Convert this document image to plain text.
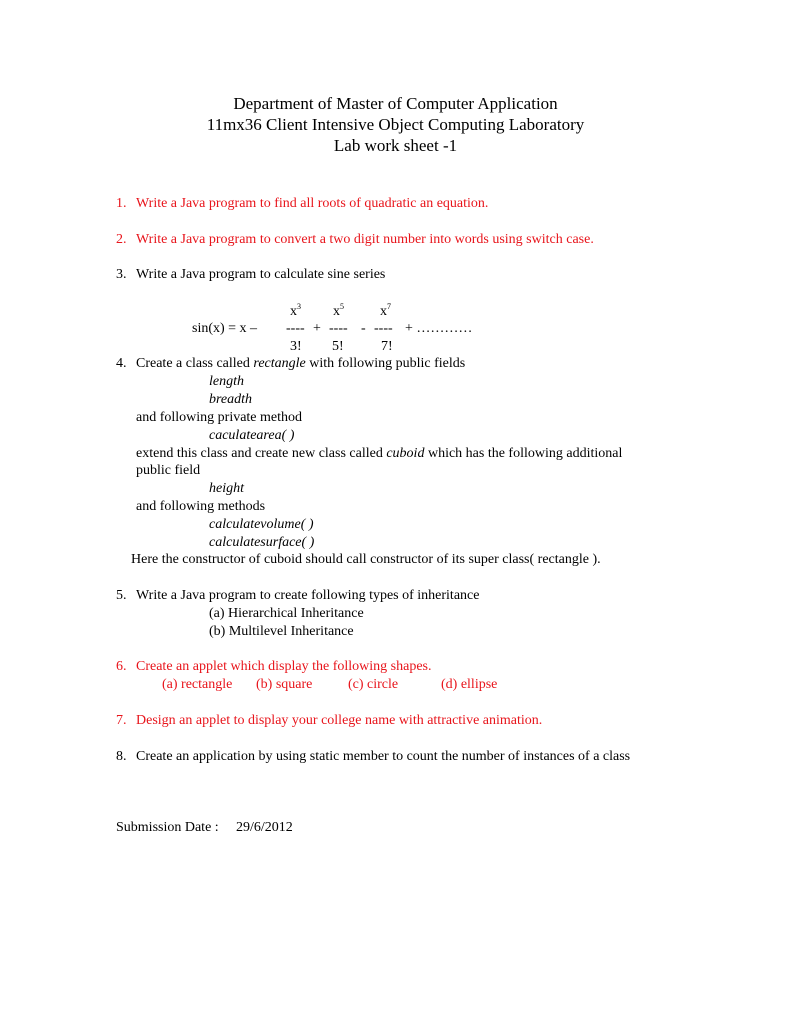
Department of Master of Computer Application
11mx36 Client Intensive Object Computing Laboratory
Lab work sheet -1
1. Write a Java program to find all roots of quadratic an equation.
2. Write a Java program to convert a two digit number into words using switch case.
3. Write a Java program to calculate sine series
$x^3$ $x^5$	$x^7$
sin(x) = x – ---- + ---- - ---- + …………
3! 5!	7!
4. Create a class called rectangle with following public fields
length
breadth
and following private method
caculatearea( )
extend this class and create new class called cuboid which has the following additional
public field
height
and following methods
calculatevolume( )
calculatesurface( )
Here the constructor of cuboid should call constructor of its super class( rectangle ).
5. Write a Java program to create following types of inheritance
(a) Hierarchical Inheritance
(b) Multilevel Inheritance
6. Create an applet which display the following shapes.
(a) rectangle (b) square	(c) circle	(d) ellipse
7. Design an applet to display your college name with attractive animation.
8. Create an application by using static member to count the number of instances of a class
Submission Date : 29/6/2012
